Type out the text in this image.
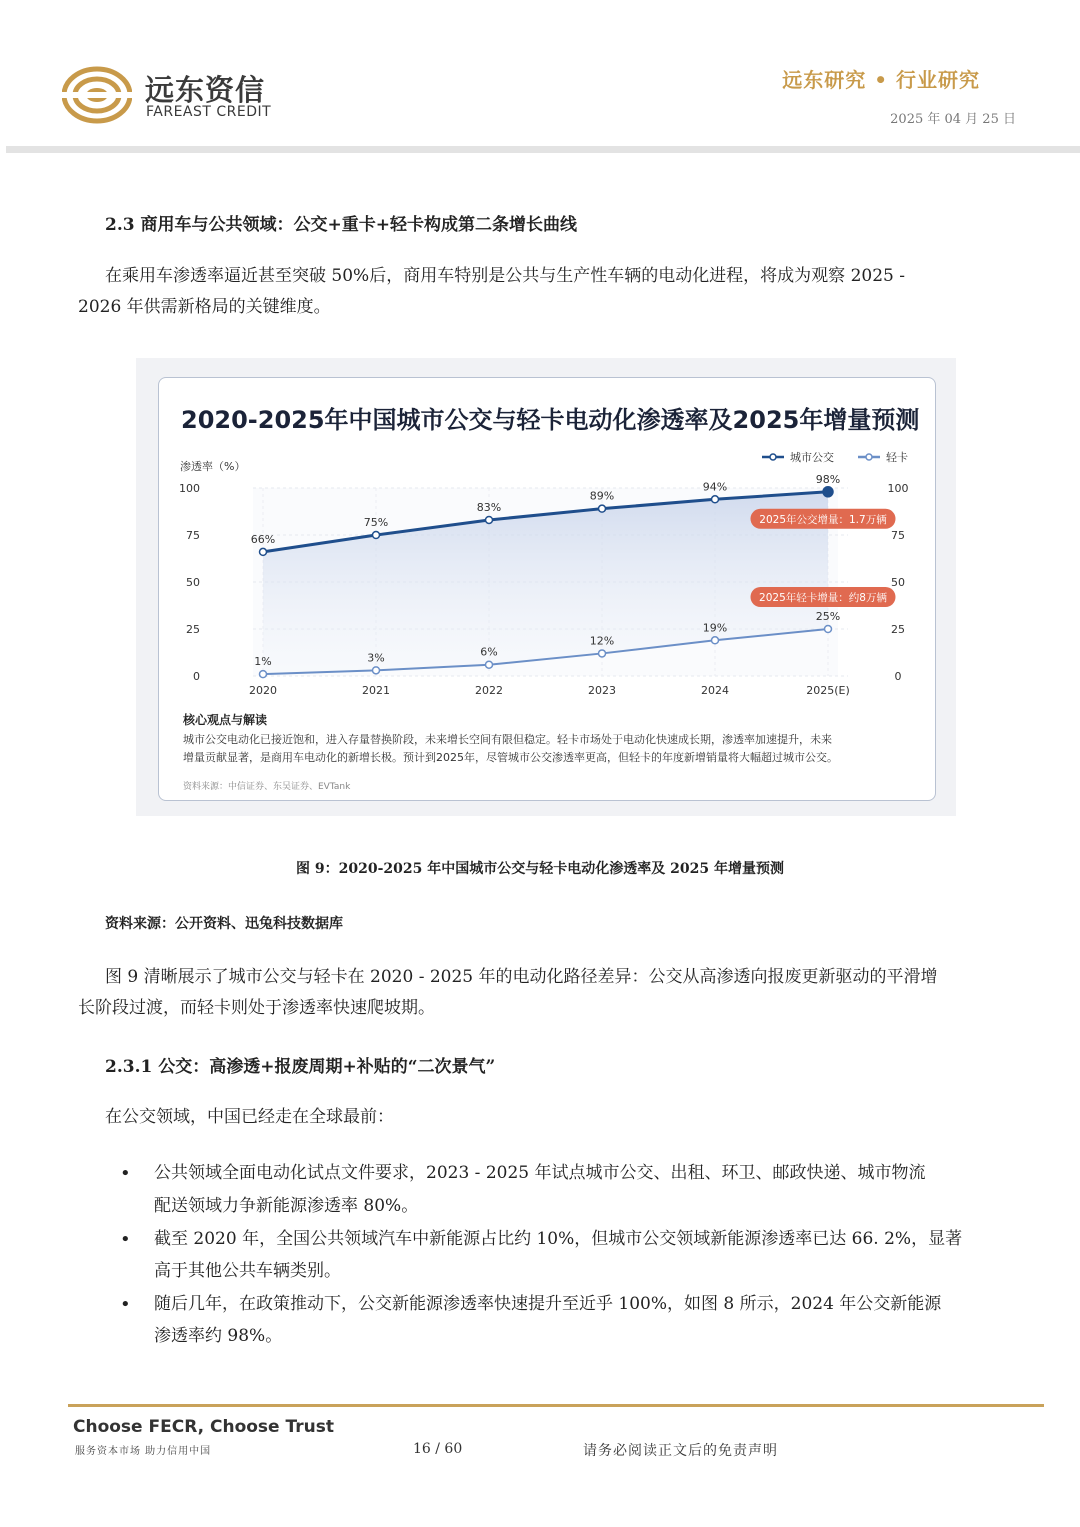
远东资信
FAREAST CREDIT
远东研究 • 行业研究
2025 年 04 月 25 日
2.3 商用车与公共领域：公交+重卡+轻卡构成第二条增长曲线
在乘用车渗透率逼近甚至突破 50%后，商用车特别是公共与生产性车辆的电动化进程，将成为观察 2025 -
2026 年供需新格局的关键维度。
2020-2025年中国城市公交与轻卡电动化渗透率及2025年增量预测
0	0
25	25
50	50
75	75
100	100
2020	2021	2022	2023	2024	2025(E)
66%
75%
83%
89%
94%
98%
1%	3%	6%
12%
19%
25%
2025年公交增量：1.7万辆
2025年轻卡增量：约8万辆
城市公交	轻卡
渗透率（%）
核心观点与解读
城市公交电动化已接近饱和，进入存量替换阶段，未来增长空间有限但稳定。轻卡市场处于电动化快速成长期，渗透率加速提升，未来
增量贡献显著，是商用车电动化的新增长极。预计到2025年，尽管城市公交渗透率更高，但轻卡的年度新增销量将大幅超过城市公交。
资料来源：中信证券、东吴证券、EVTank
图 9：2020-2025 年中国城市公交与轻卡电动化渗透率及 2025 年增量预测
资料来源：公开资料、迅兔科技数据库
图 9 清晰展示了城市公交与轻卡在 2020 - 2025 年的电动化路径差异：公交从高渗透向报废更新驱动的平滑增
长阶段过渡，而轻卡则处于渗透率快速爬坡期。
2.3.1 公交：高渗透+报废周期+补贴的“二次景气”
在公交领域，中国已经走在全球最前：
• 公共领域全面电动化试点文件要求，2023 - 2025 年试点城市公交、出租、环卫、邮政快递、城市物流
配送领域力争新能源渗透率 80%。
• 截至 2020 年，全国公共领域汽车中新能源占比约 10%，但城市公交领域新能源渗透率已达 66. 2%，显著
高于其他公共车辆类别。
• 随后几年，在政策推动下，公交新能源渗透率快速提升至近乎 100%，如图 8 所示，2024 年公交新能源
渗透率约 98%。
Choose FECR, Choose Trust
服务资本市场 助力信用中国	16 / 60	请务必阅读正文后的免责声明
